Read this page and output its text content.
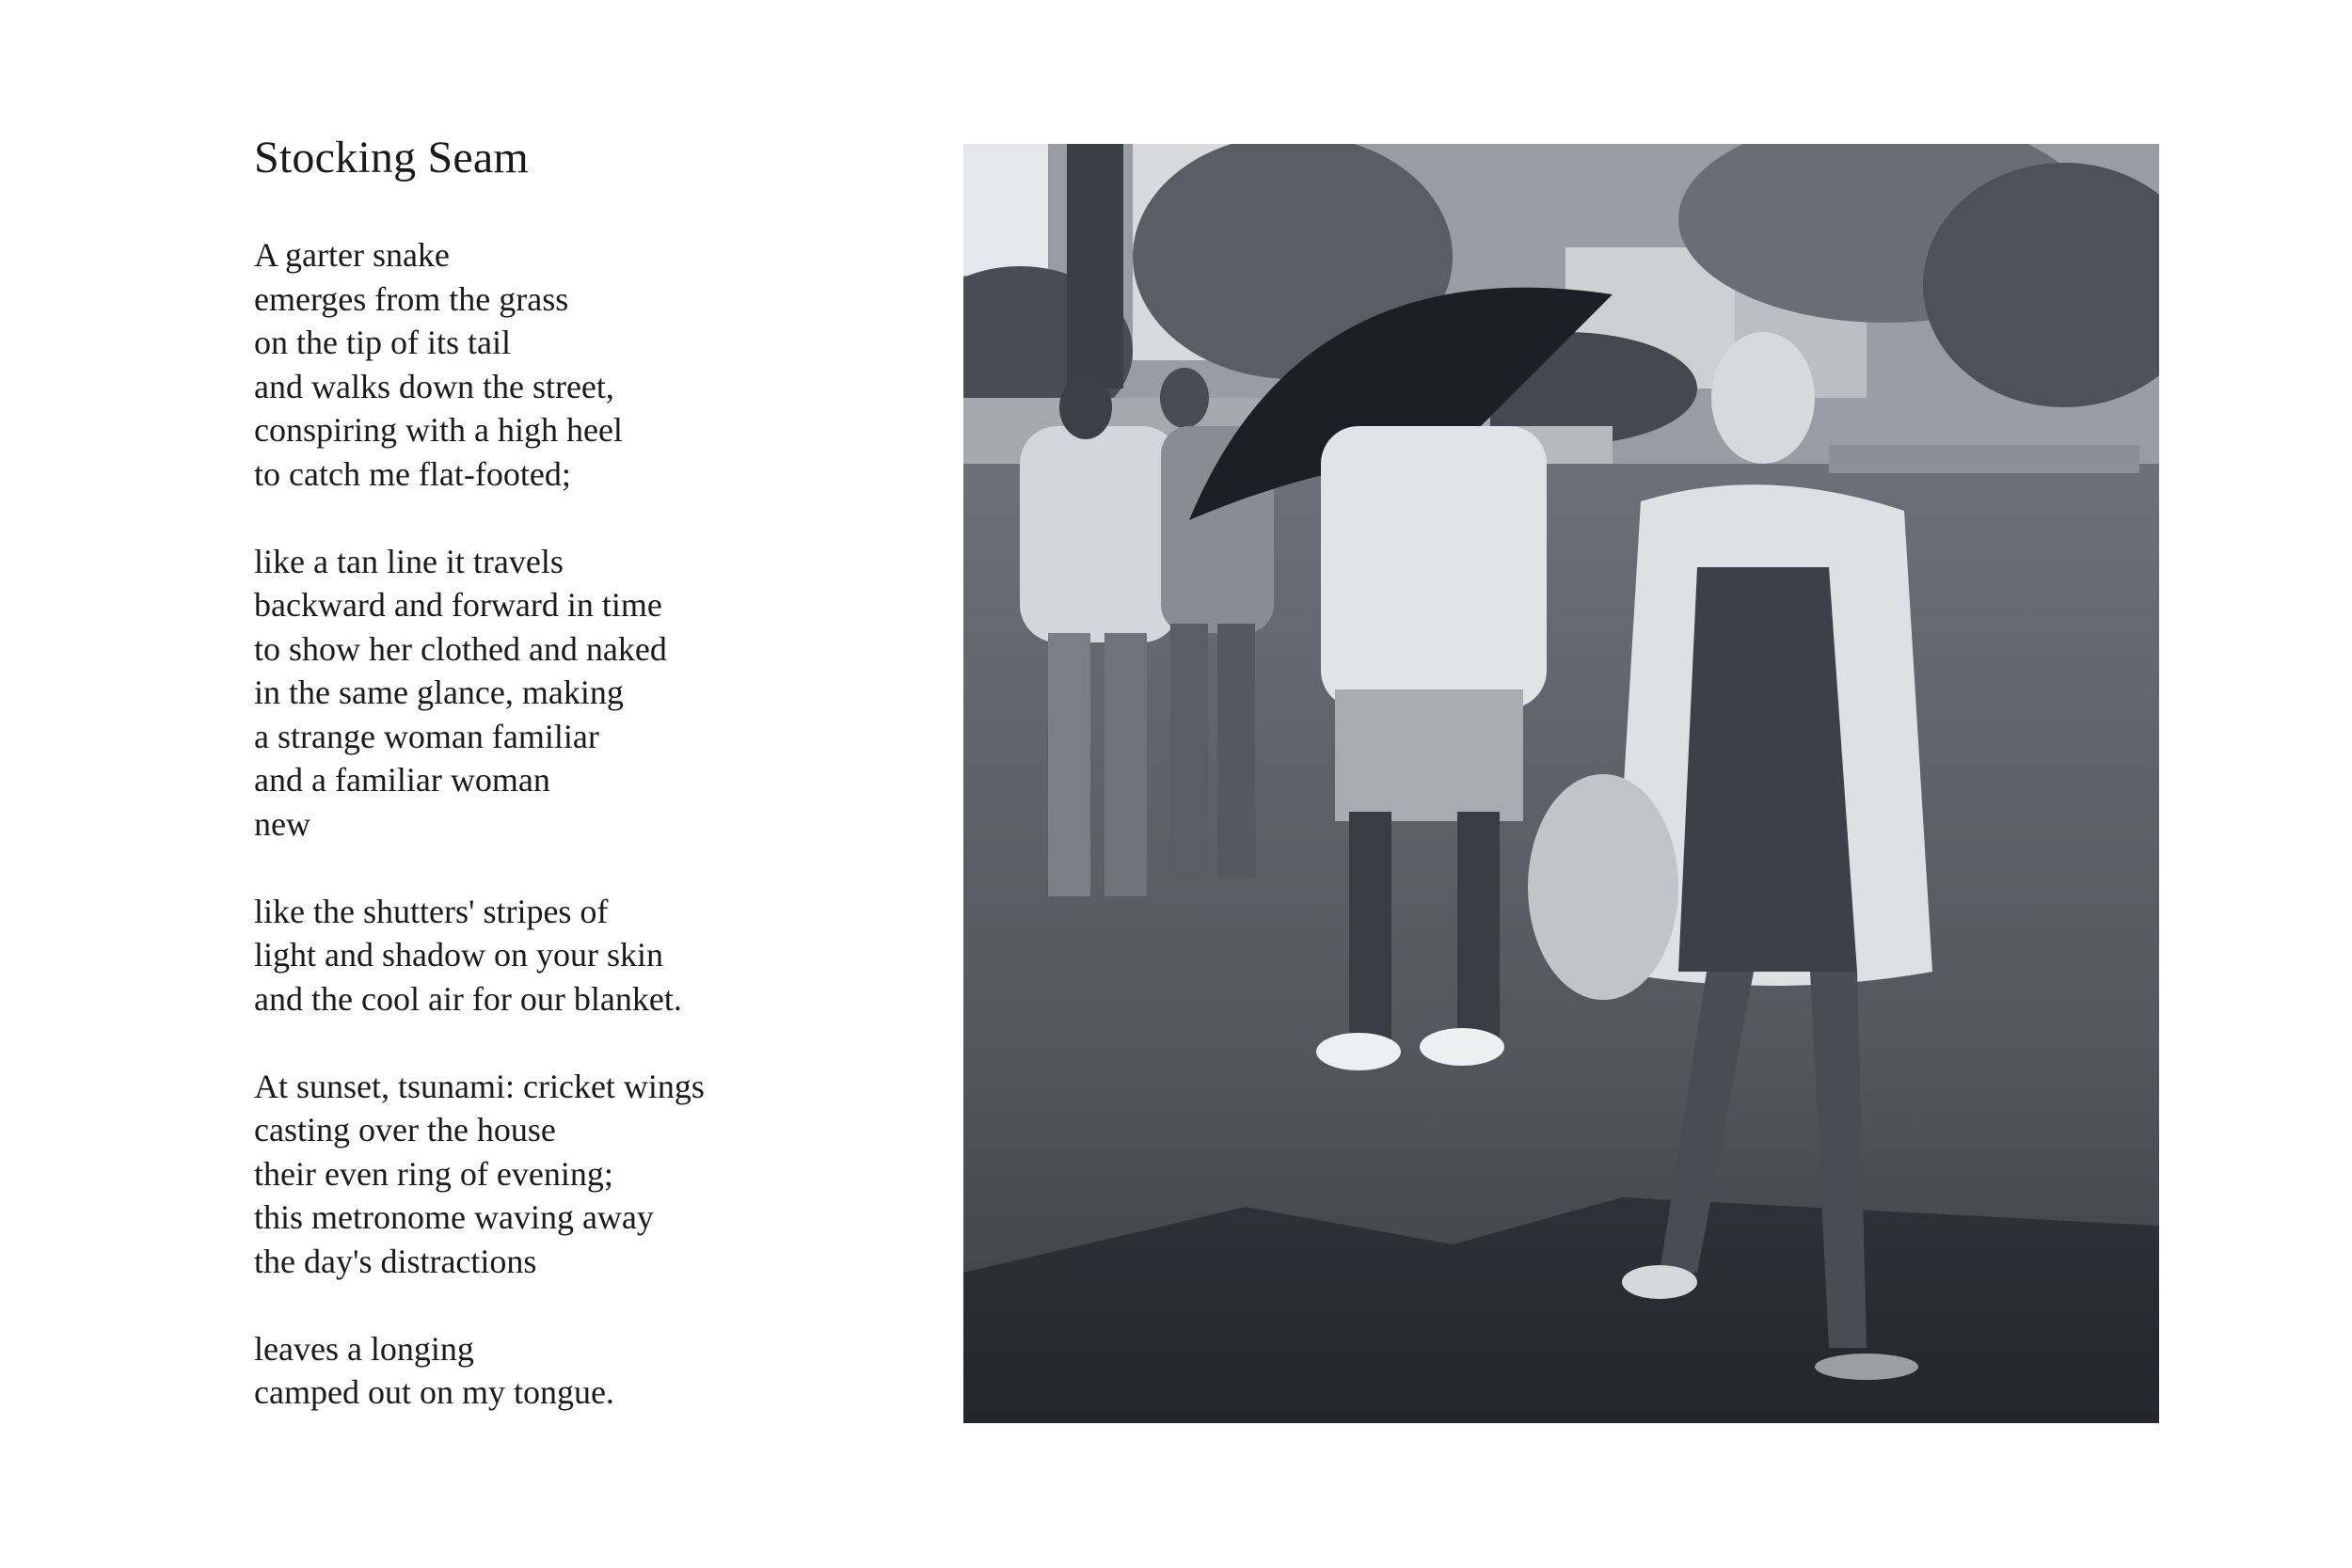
Stocking Seam

A garter snake
emerges from the grass
on the tip of its tail
and walks down the street,
conspiring with a high heel
to catch me flat-footed;

like a tan line it travels
backward and forward in time
to show her clothed and naked
in the same glance, making
a strange woman familiar
and a familiar woman
new

like the shutters' stripes of
light and shadow on your skin
and the cool air for our blanket.

At sunset, tsunami: cricket wings
casting over the house
their even ring of evening;
this metronome waving away
the day's distractions

leaves a longing
camped out on my tongue.
